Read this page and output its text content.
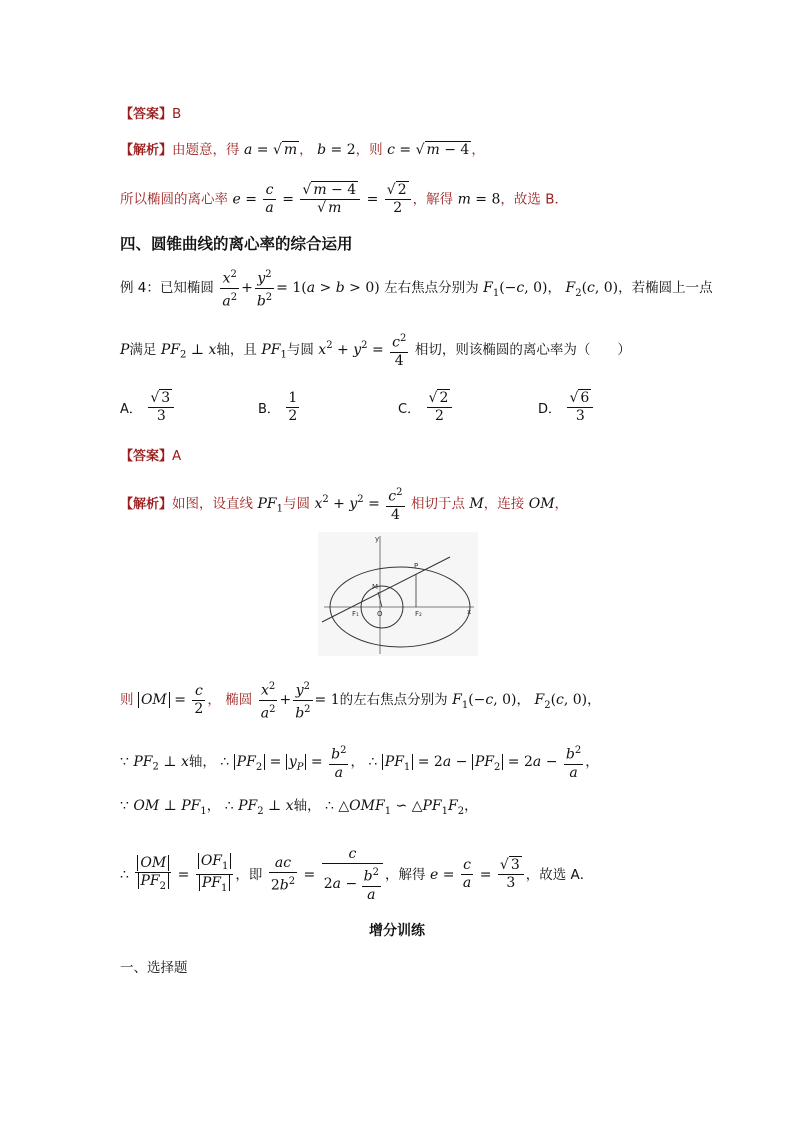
【答案】B
【解析】由题意，得 a = √ m ， b = 2，则 c = √ m − 4 ，
所以椭圆的离心率 $e = \frac{c}{a} = \frac{√ m - 4}{√ m} = \frac{√ 2}{2}$ ，解得 m = 8，故选 B．
四、圆锥曲线的离心率的综合运用
例 4：已知椭圆 $\frac{x^2}{a^2} + \frac{y^2}{b^2} = 1(a > b > 0)$ 左右焦点分别为 $F_1(-c$, 0)， $F_2(c$, 0)，若椭圆上一点
P满足 $PF_2$ ⊥ x轴，且 $PF_1$与圆 $x^2 + y^2 = \frac{c^2}{4}$ 相切，则该椭圆的离心率为（　　）
A． $\frac{√ 3}{3}$	B． $\frac{1}{2}$	C． $\frac{√ 2}{2}$	D． $\frac{√ 6}{3}$
【答案】A
【解析】如图，设直线 $PF_1$与圆 $x^2 + y^2 = \frac{c^2}{4}$ 相切于点 M，连接 OM，
y
x
P
M
O
F₁	F₂
则 OM = $\frac{c}{2}$ ， 椭圆 $\frac{x^2}{a^2} + \frac{y^2}{b^2} = 1$的左右焦点分别为 $F_1(-c$, 0)， $F_2(c$, 0)，
∵ $PF_2$ ⊥ x轴， ∴ $PF_2 = y_P = \frac{b^2}{a}$ ， ∴ $PF_1 = 2a - PF_2 = 2a - \frac{b^2}{a}$ ，
∵ OM ⊥ $PF_1$， ∴ $PF_2$ ⊥ x轴， ∴ $\triangle OMF_1$ ∽ $\triangle PF_1F_2$，
∴ $\frac{OM}{PF_2} = \frac{OF_1}{PF_1}$ ，即 $\frac{ac}{2b^2} = \frac{c}{2a - \frac{b^2}{a}}$ ，解得 $e = \frac{c}{a} = \frac{√ 3}{3}$ ，故选 A．
增分训练
一、选择题
